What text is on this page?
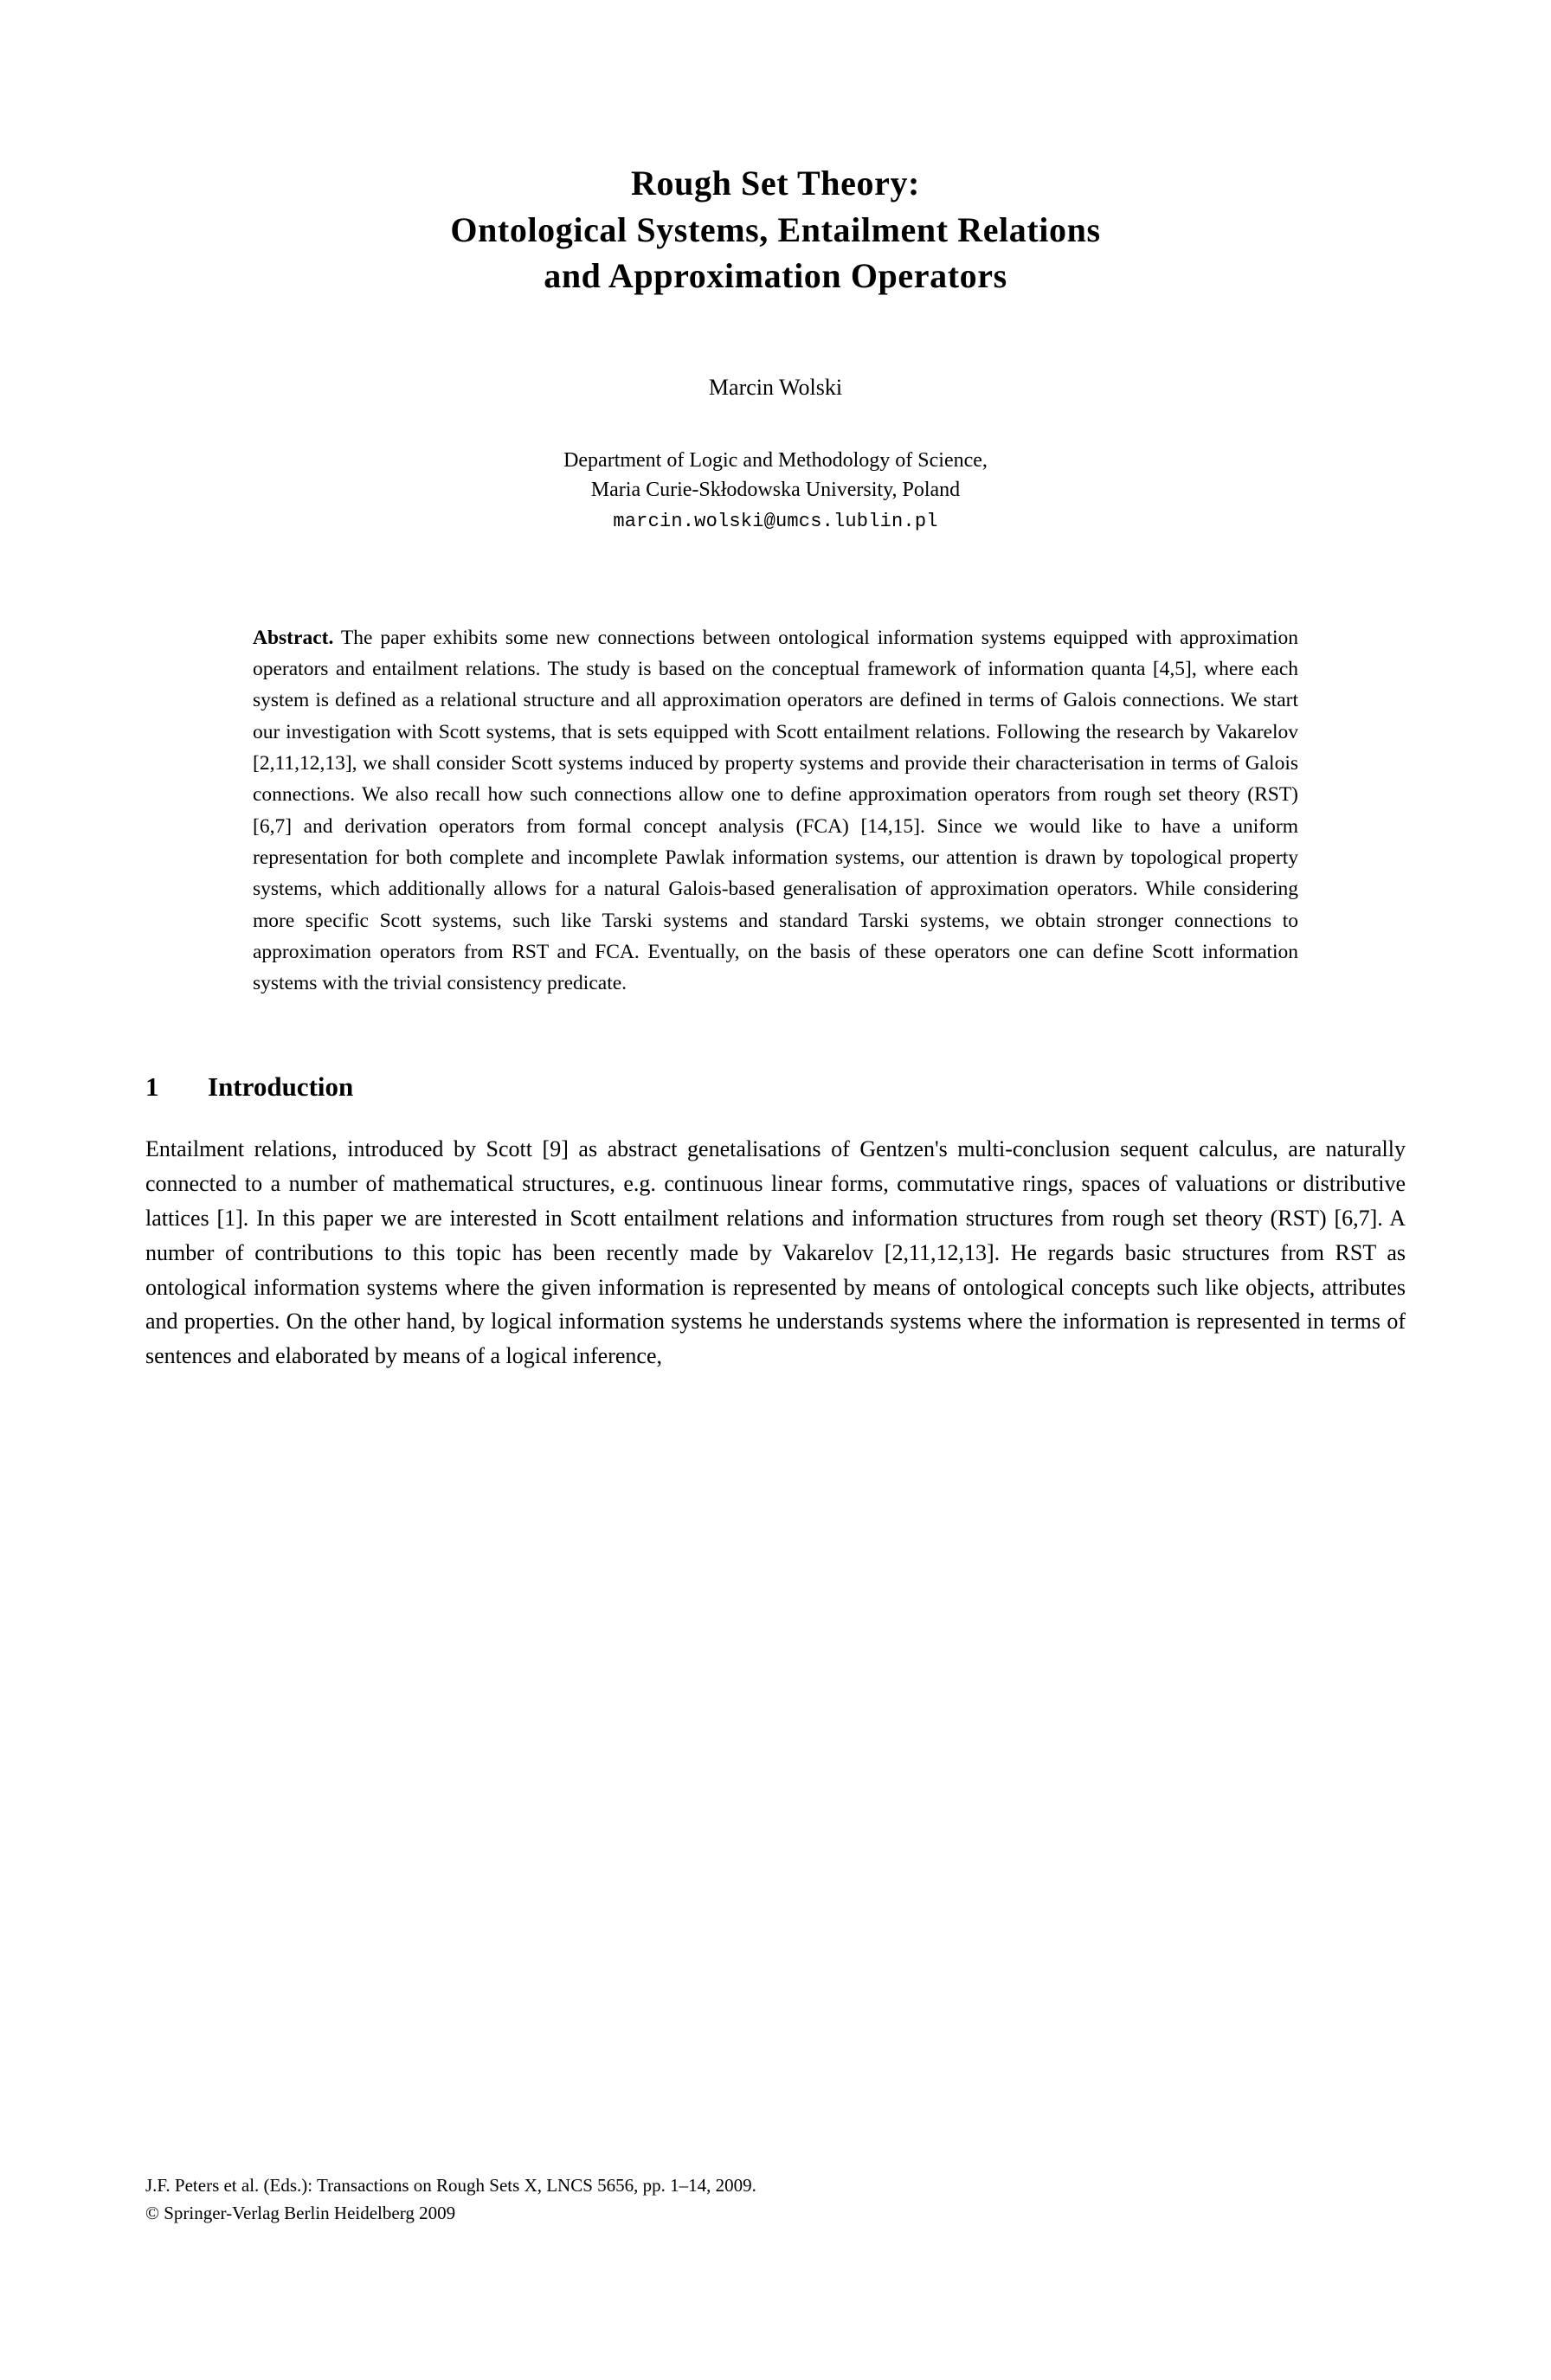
Rough Set Theory:
Ontological Systems, Entailment Relations
and Approximation Operators
Marcin Wolski
Department of Logic and Methodology of Science,
Maria Curie-Skłodowska University, Poland
marcin.wolski@umcs.lublin.pl
Abstract. The paper exhibits some new connections between ontological information systems equipped with approximation operators and entailment relations. The study is based on the conceptual framework of information quanta [4,5], where each system is defined as a relational structure and all approximation operators are defined in terms of Galois connections. We start our investigation with Scott systems, that is sets equipped with Scott entailment relations. Following the research by Vakarelov [2,11,12,13], we shall consider Scott systems induced by property systems and provide their characterisation in terms of Galois connections. We also recall how such connections allow one to define approximation operators from rough set theory (RST) [6,7] and derivation operators from formal concept analysis (FCA) [14,15]. Since we would like to have a uniform representation for both complete and incomplete Pawlak information systems, our attention is drawn by topological property systems, which additionally allows for a natural Galois-based generalisation of approximation operators. While considering more specific Scott systems, such like Tarski systems and standard Tarski systems, we obtain stronger connections to approximation operators from RST and FCA. Eventually, on the basis of these operators one can define Scott information systems with the trivial consistency predicate.
1	Introduction
Entailment relations, introduced by Scott [9] as abstract genetalisations of Gentzen's multi-conclusion sequent calculus, are naturally connected to a number of mathematical structures, e.g. continuous linear forms, commutative rings, spaces of valuations or distributive lattices [1]. In this paper we are interested in Scott entailment relations and information structures from rough set theory (RST) [6,7]. A number of contributions to this topic has been recently made by Vakarelov [2,11,12,13]. He regards basic structures from RST as ontological information systems where the given information is represented by means of ontological concepts such like objects, attributes and properties. On the other hand, by logical information systems he understands systems where the information is represented in terms of sentences and elaborated by means of a logical inference,
J.F. Peters et al. (Eds.): Transactions on Rough Sets X, LNCS 5656, pp. 1–14, 2009.
© Springer-Verlag Berlin Heidelberg 2009
